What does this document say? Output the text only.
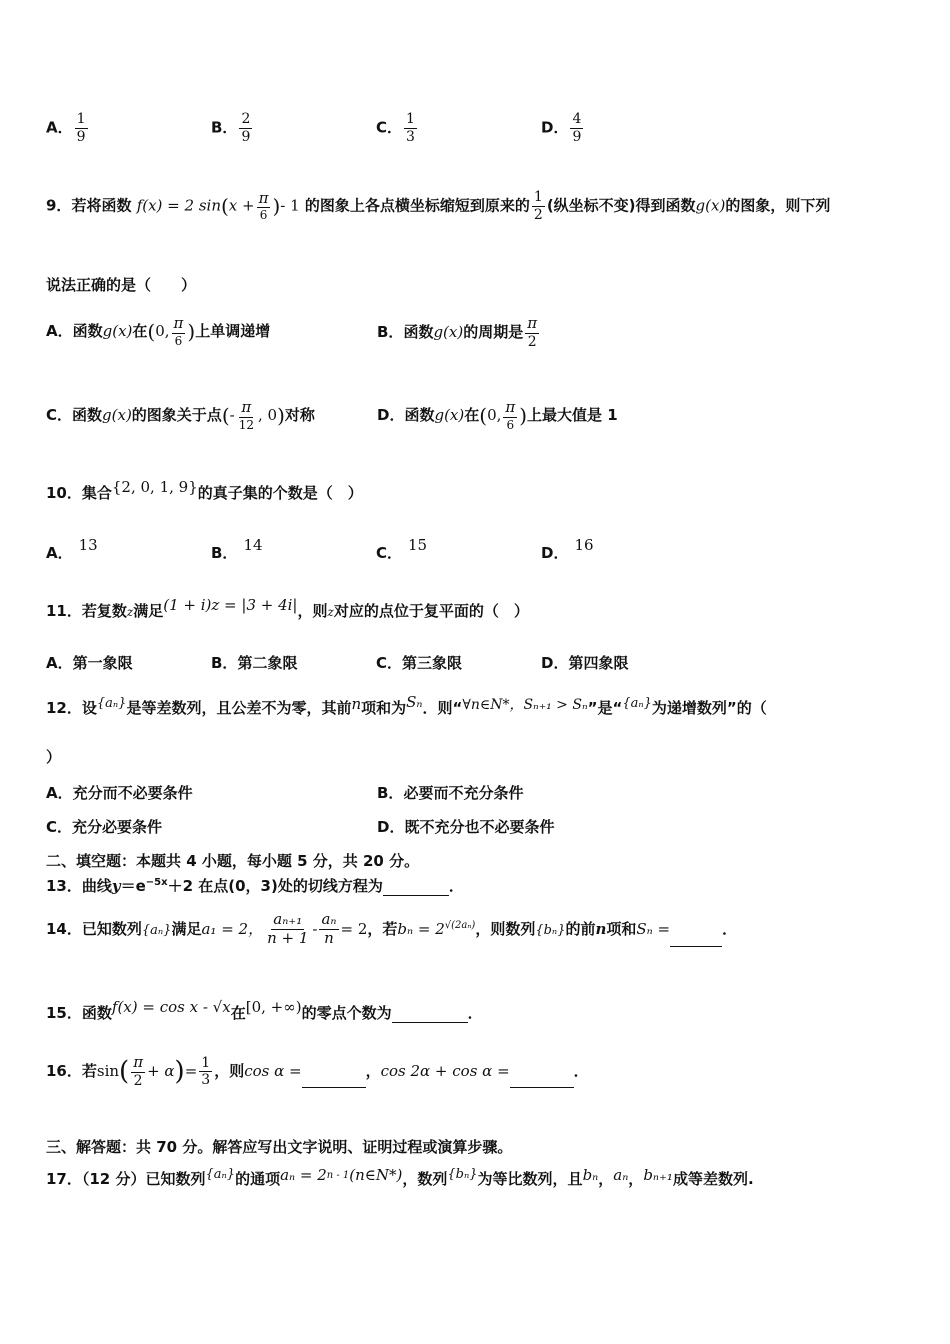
A． $\frac{1}{9}$	B． $\frac{2}{9}$	C． $\frac{1}{3}$	D． $\frac{4}{9}$
9．若将函数 f(x) = 2 $\sin(x + \frac{\pi}{6}$ )- 1 的图象上各点横坐标缩短到原来的 $\frac{1}{2}$ (纵坐标不变)得到函数g(x)的图象，则下列
说法正确的是（　　）
A．函数g(x)在(0, $\frac{\pi}{6}$ )上单调递增	B．函数g(x)的周期是 $\frac{\pi}{2}$
C．函数g(x)的图象关于点(- $\frac{\pi}{12}$ , 0)对称	D．函数g(x)在(0, $\frac{\pi}{6}$ )上最大值是 1
10．集合{2, 0, 1, 9}的真子集的个数是（　）
A． 13	B． 14	C． 15	D． 16
11．若复数z满足(1 + i)z = |3 + 4i|，则z对应的点位于复平面的（　）
A．第一象限	B．第二象限	C．第三象限	D．第四象限
12．设{aₙ}是等差数列，且公差不为零，其前n项和为Sₙ．则“∀n∈N*，Sₙ₊₁ > Sₙ”是“{aₙ}为递增数列”的（
）
A．充分而不必要条件	B．必要而不充分条件
C．充分必要条件	D．既不充分也不必要条件
二、填空题：本题共 4 小题，每小题 5 分，共 20 分。
13．曲线$y=e^{-5x}+2$ 在点(0，3)处的切线方程为	．
14．已知数列{aₙ}满足a₁ = 2， $\frac{\text{aₙ₊₁}}{n + 1} - \frac{\text{aₙ}}{n} = 2$，若$b_n = 2^{√(2a_n)}$，则数列{bₙ}的前n项和Sₙ =	．
15．函数f(x) = cos x - √x在[0, +∞)的零点个数为	．
16．若$\sin( \frac{\pi}{2} + \alpha)= \frac{1}{3}$ ，则cos α =	，cos 2α + cos α =	．
三、解答题：共 70 分。解答应写出文字说明、证明过程或演算步骤。
17．（12 分）已知数列{aₙ}的通项$a_n = 2^{n - 1}(n\in N*)$，数列{bₙ}为等比数列，且bₙ，aₙ，bₙ₊₁成等差数列.
